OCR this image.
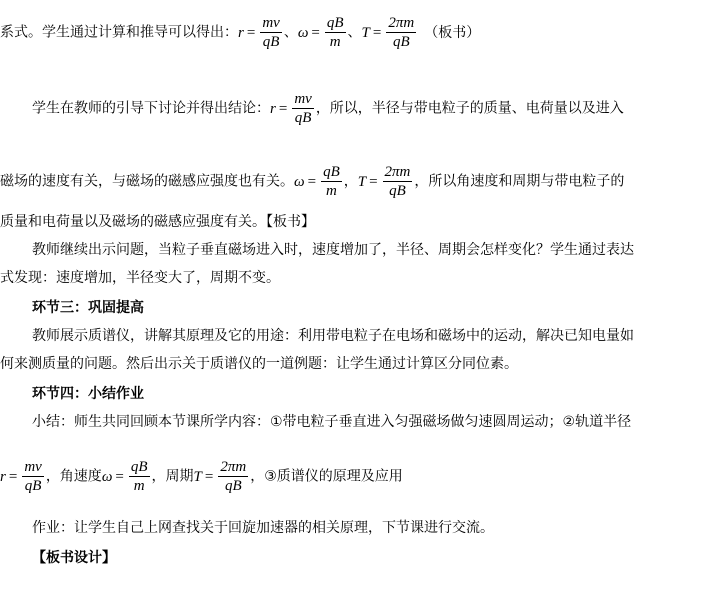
系式。学生通过计算和推导可以得出：$r = \frac{mv}{qB}$ 、$\omega = \frac{qB}{m}$ 、$T = \frac{2\pi m}{qB}$ （板书）
学生在教师的引导下讨论并得出结论：$r = \frac{mv}{qB}$ ，所以，半径与带电粒子的质量、电荷量以及进入
磁场的速度有关，与磁场的磁感应强度也有关。$\omega = \frac{qB}{m}$ ，$T = \frac{2\pi m}{qB}$ ，所以角速度和周期与带电粒子的
质量和电荷量以及磁场的磁感应强度有关。【板书】
教师继续出示问题，当粒子垂直磁场进入时，速度增加了，半径、周期会怎样变化？学生通过表达
式发现：速度增加，半径变大了，周期不变。
环节三：巩固提高
教师展示质谱仪，讲解其原理及它的用途：利用带电粒子在电场和磁场中的运动，解决已知电量如
何来测质量的问题。然后出示关于质谱仪的一道例题：让学生通过计算区分同位素。
环节四：小结作业
小结：师生共同回顾本节课所学内容：①带电粒子垂直进入匀强磁场做匀速圆周运动；②轨道半径
$r = \frac{mv}{qB}$ ，角速度$\omega = \frac{qB}{m}$ ，周期$T = \frac{2\pi m}{qB}$ ，③质谱仪的原理及应用
作业：让学生自己上网查找关于回旋加速器的相关原理，下节课进行交流。
【板书设计】
